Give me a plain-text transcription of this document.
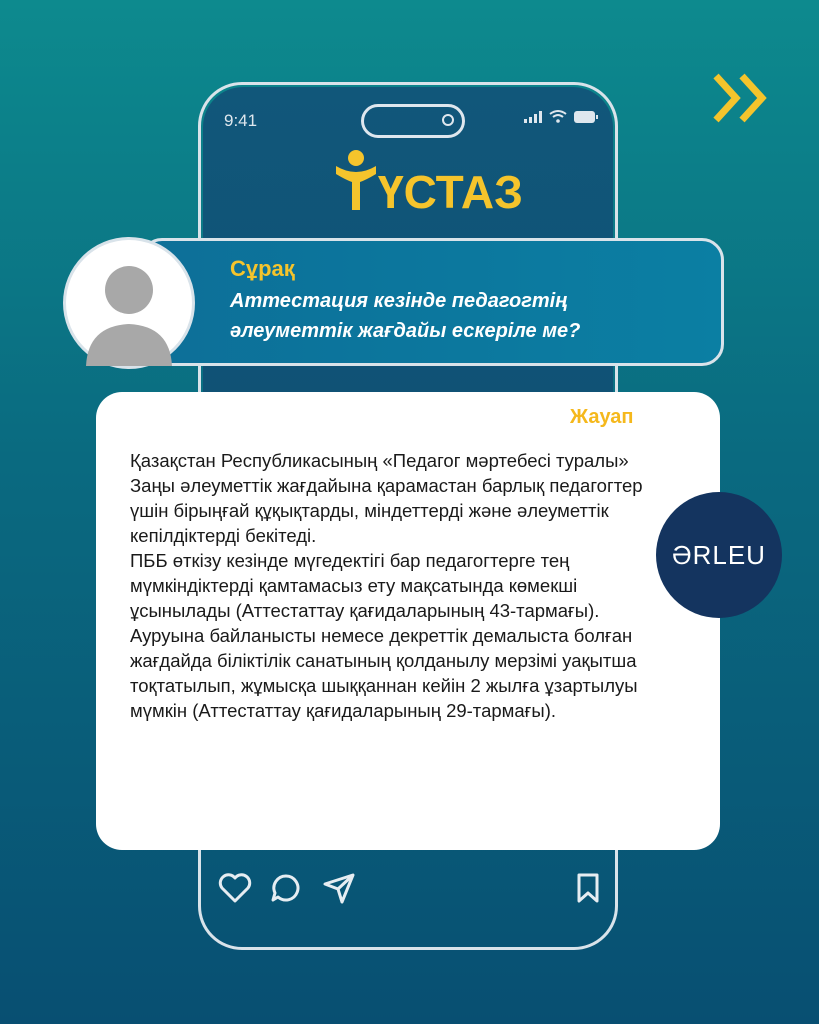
9:41
ҮСТАЗ
Сұрақ
Аттестация кезінде педагогтің
әлеуметтік жағдайы ескеріле ме?
Жауап

Қазақстан Республикасының «Педагог мәртебесі туралы» Заңы әлеуметтік жағдайына қарамастан барлық педагогтер үшін бірыңғай құқықтарды, міндеттерді және әлеуметтік кепілдіктерді бекітеді.

ПББ өткізу кезінде мүгедектігі бар педагогтерге тең мүмкіндіктерді қамтамасыз ету мақсатында көмекші ұсынылады (Аттестаттау қағидаларының 43-тармағы).

Ауруына байланысты немесе декреттік демалыста болған жағдайда біліктілік санатының қолданылу мерзімі уақытша тоқтатылып, жұмысқа шыққаннан кейін 2 жылға ұзартылуы мүмкін (Аттестаттау қағидаларының 29-тармағы).

ƏRLEU
